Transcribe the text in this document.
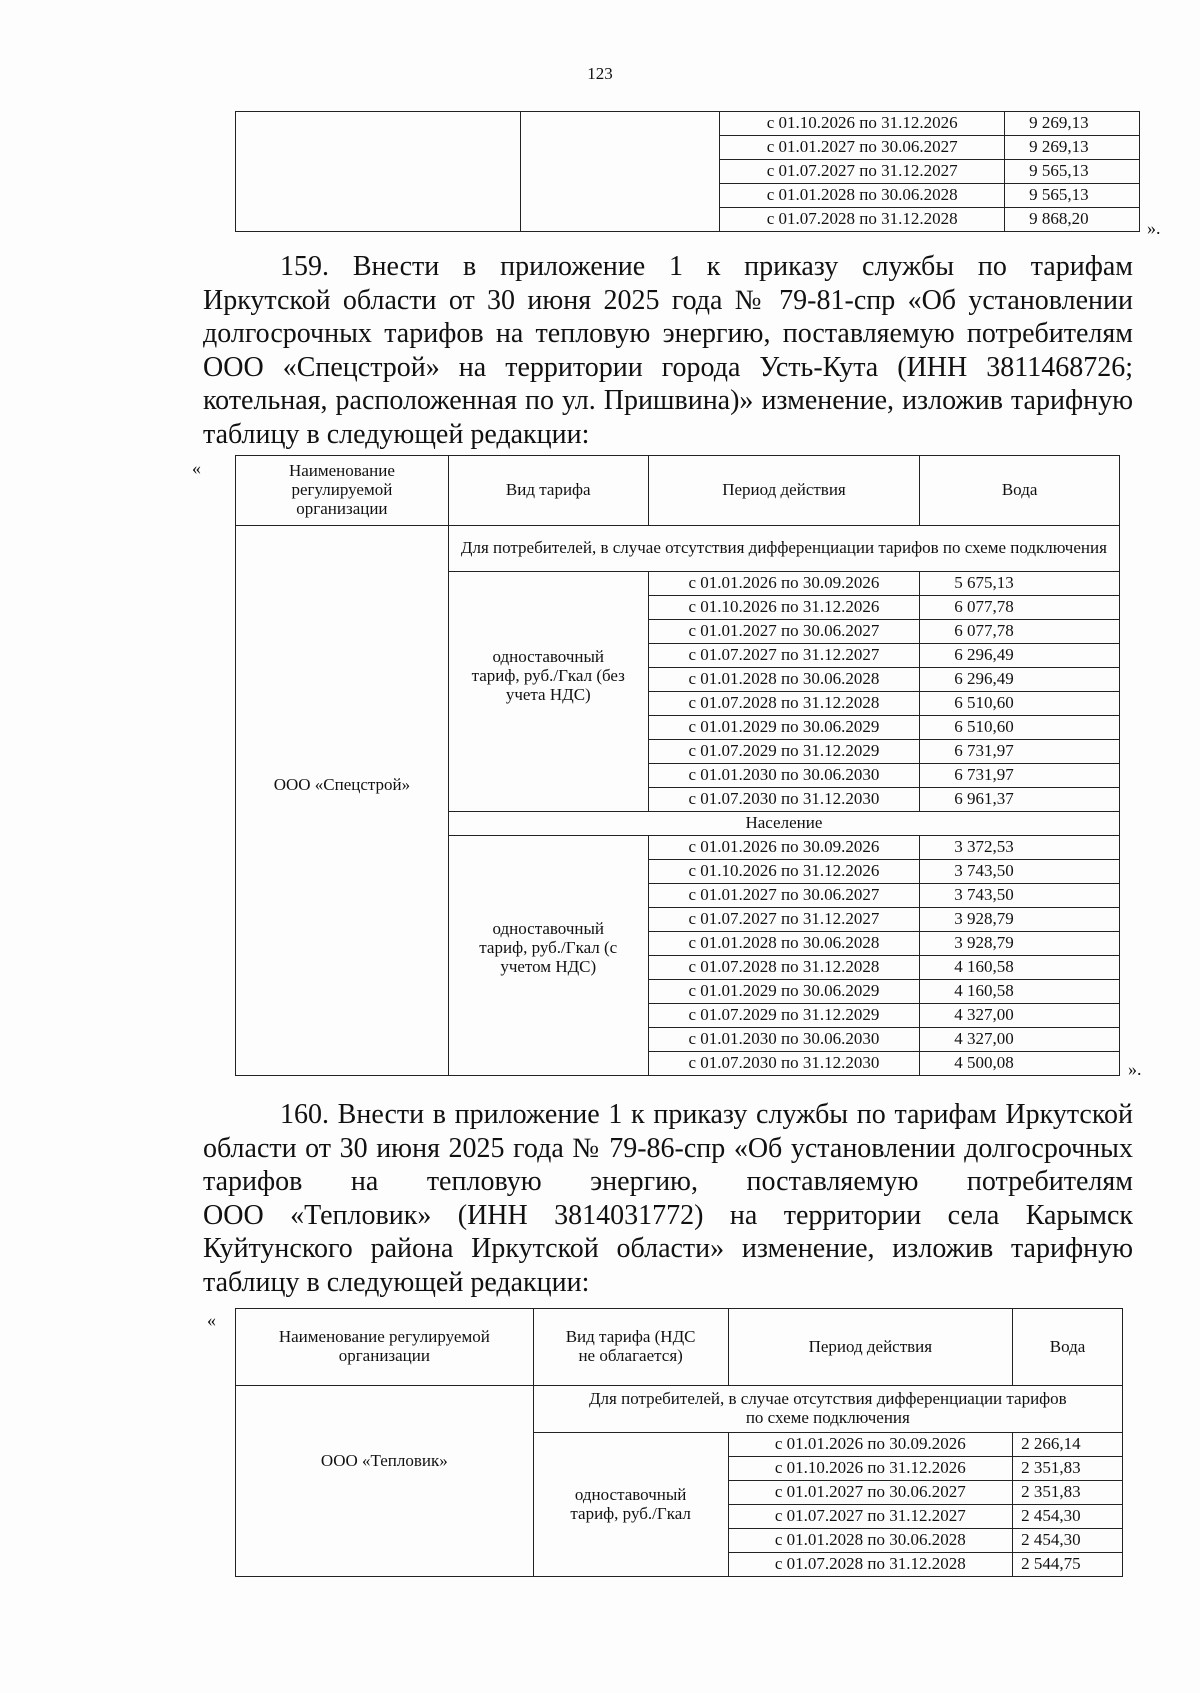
123
		с 01.10.2026 по 31.12.2026	9 269,13
		с 01.01.2027 по 30.06.2027	9 269,13
		с 01.07.2027 по 31.12.2027	9 565,13
		с 01.01.2028 по 30.06.2028	9 565,13
		с 01.07.2028 по 31.12.2028	9 868,20	».
159. Внести в приложение 1 к приказу службы по тарифам
Иркутской области от 30 июня 2025 года № 79-81-спр «Об установлении
долгосрочных тарифов на тепловую энергию, поставляемую потребителям
ООО «Спецстрой» на территории города Усть-Кута (ИНН 3811468726;
котельная, расположенная по ул. Пришвина)» изменение, изложив тарифную
таблицу в следующей редакции:
«	Наименование регулируемой организации	Вид тарифа	Период действия	Вода
ООО «Спецстрой»	Для потребителей, в случае отсутствия дифференциации тарифов по схеме подключения		
	одноставочный тариф, руб./Гкал (без учета НДС)	с 01.01.2026 по 30.09.2026	5 675,13
		с 01.10.2026 по 31.12.2026	6 077,78
		с 01.01.2027 по 30.06.2027	6 077,78
		с 01.07.2027 по 31.12.2027	6 296,49
		с 01.01.2028 по 30.06.2028	6 296,49
		с 01.07.2028 по 31.12.2028	6 510,60
		с 01.01.2029 по 30.06.2029	6 510,60
		с 01.07.2029 по 31.12.2029	6 731,97
		с 01.01.2030 по 30.06.2030	6 731,97
		с 01.07.2030 по 31.12.2030	6 961,37
	Население		
	одноставочный тариф, руб./Гкал (с учетом НДС)	с 01.01.2026 по 30.09.2026	3 372,53
		с 01.10.2026 по 31.12.2026	3 743,50
		с 01.01.2027 по 30.06.2027	3 743,50
		с 01.07.2027 по 31.12.2027	3 928,79
		с 01.01.2028 по 30.06.2028	3 928,79
		с 01.07.2028 по 31.12.2028	4 160,58
		с 01.01.2029 по 30.06.2029	4 160,58
		с 01.07.2029 по 31.12.2029	4 327,00
		с 01.01.2030 по 30.06.2030	4 327,00
		с 01.07.2030 по 31.12.2030	4 500,08	».
160. Внести в приложение 1 к приказу службы по тарифам Иркутской
области от 30 июня 2025 года № 79-86-спр «Об установлении долгосрочных
тарифов на тепловую энергию, поставляемую потребителям
ООО «Тепловик» (ИНН 3814031772) на территории села Карымск
Куйтунского района Иркутской области» изменение, изложив тарифную
таблицу в следующей редакции:
«
Наименование регулируемой организации	Вид тарифа (НДС не облагается)	Период действия	Вода
ООО «Тепловик»	Для потребителей, в случае отсутствия дифференциации тарифов по схеме подключения		
	одноставочный тариф, руб./Гкал	с 01.01.2026 по 30.09.2026	2 266,14
		с 01.10.2026 по 31.12.2026	2 351,83
		с 01.01.2027 по 30.06.2027	2 351,83
		с 01.07.2027 по 31.12.2027	2 454,30
		с 01.01.2028 по 30.06.2028	2 454,30
		с 01.07.2028 по 31.12.2028	2 544,75
